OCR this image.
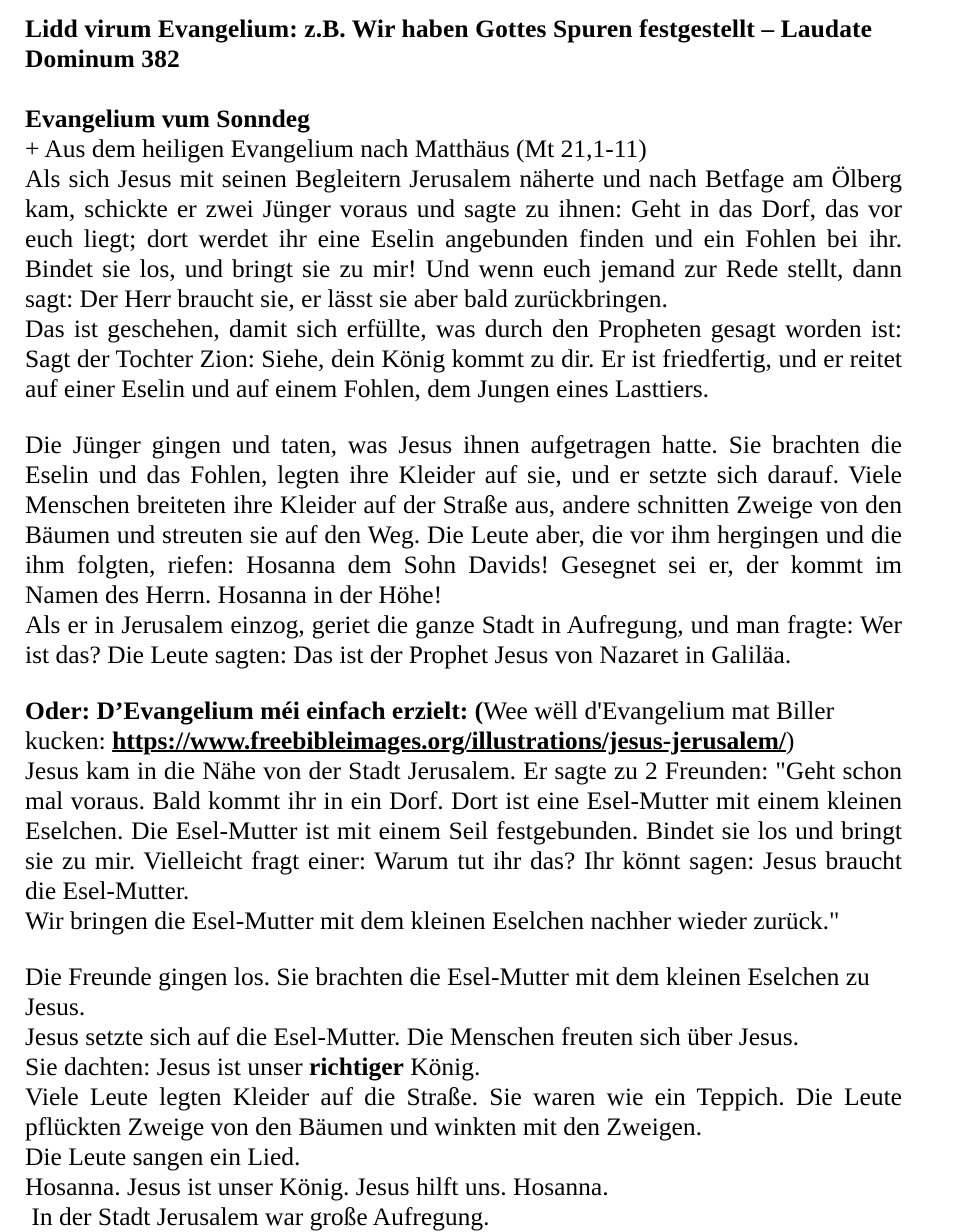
Lidd virum Evangelium: z.B. Wir haben Gottes Spuren festgestellt – Laudate Dominum 382
Evangelium vum Sonndeg
+ Aus dem heiligen Evangelium nach Matthäus (Mt 21,1-11)

Als sich Jesus mit seinen Begleitern Jerusalem näherte und nach Betfage am Ölberg kam, schickte er zwei Jünger voraus und sagte zu ihnen: Geht in das Dorf, das vor euch liegt; dort werdet ihr eine Eselin angebunden finden und ein Fohlen bei ihr. Bindet sie los, und bringt sie zu mir! Und wenn euch jemand zur Rede stellt, dann sagt: Der Herr braucht sie, er lässt sie aber bald zurückbringen.

Das ist geschehen, damit sich erfüllte, was durch den Propheten gesagt worden ist: Sagt der Tochter Zion: Siehe, dein König kommt zu dir. Er ist friedfertig, und er reitet auf einer Eselin und auf einem Fohlen, dem Jungen eines Lasttiers.

Die Jünger gingen und taten, was Jesus ihnen aufgetragen hatte. Sie brachten die Eselin und das Fohlen, legten ihre Kleider auf sie, und er setzte sich darauf. Viele Menschen breiteten ihre Kleider auf der Straße aus, andere schnitten Zweige von den Bäumen und streuten sie auf den Weg. Die Leute aber, die vor ihm hergingen und die ihm folgten, riefen: Hosanna dem Sohn Davids! Gesegnet sei er, der kommt im Namen des Herrn. Hosanna in der Höhe!

Als er in Jerusalem einzog, geriet die ganze Stadt in Aufregung, und man fragte: Wer ist das? Die Leute sagten: Das ist der Prophet Jesus von Nazaret in Galiläa.

Oder: D’Evangelium méi einfach erzielt: (Wee wëll d'Evangelium mat Biller kucken: https://www.freebibleimages.org/illustrations/jesus-jerusalem/)

Jesus kam in die Nähe von der Stadt Jerusalem. Er sagte zu 2 Freunden: "Geht schon mal voraus. Bald kommt ihr in ein Dorf. Dort ist eine Esel-Mutter mit einem kleinen Eselchen. Die Esel-Mutter ist mit einem Seil festgebunden. Bindet sie los und bringt sie zu mir. Vielleicht fragt einer: Warum tut ihr das? Ihr könnt sagen: Jesus braucht die Esel-Mutter.

Wir bringen die Esel-Mutter mit dem kleinen Eselchen nachher wieder zurück."

Die Freunde gingen los. Sie brachten die Esel-Mutter mit dem kleinen Eselchen zu Jesus.

Jesus setzte sich auf die Esel-Mutter. Die Menschen freuten sich über Jesus.
Sie dachten: Jesus ist unser richtiger König.

Viele Leute legten Kleider auf die Straße. Sie waren wie ein Teppich. Die Leute pflückten Zweige von den Bäumen und winkten mit den Zweigen.

Die Leute sangen ein Lied.
Hosanna. Jesus ist unser König. Jesus hilft uns. Hosanna.
In der Stadt Jerusalem war große Aufregung.
